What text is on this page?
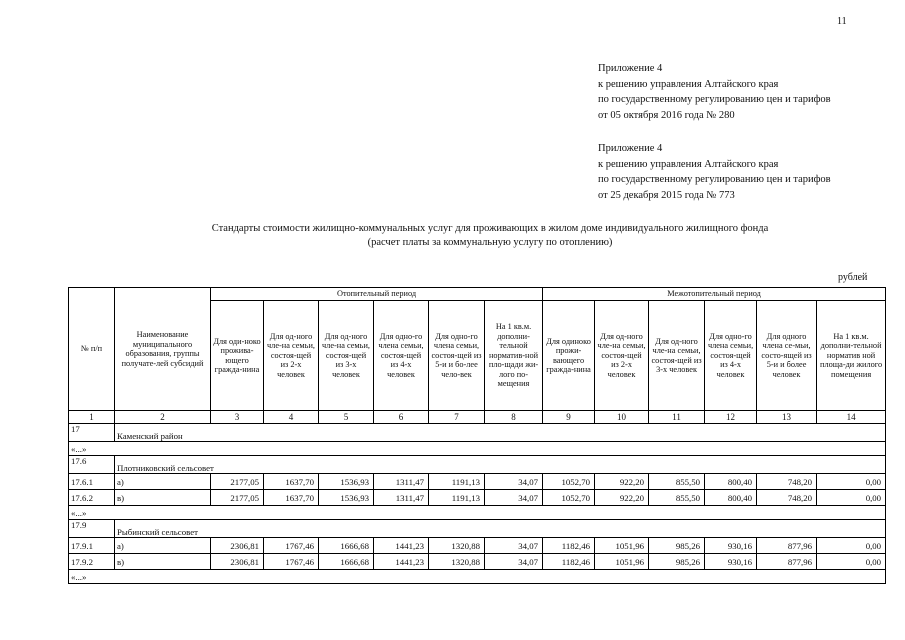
11
Приложение 4
к решению управления Алтайского края
по государственному регулированию цен и тарифов
от 05 октября 2016 года № 280
Приложение 4
к решению управления Алтайского края
по государственному регулированию цен и тарифов
от 25 декабря 2015 года № 773
Стандарты стоимости жилищно-коммунальных услуг для проживающих в жилом доме индивидуального жилищного фонда
(расчет платы за коммунальную услугу по отоплению)
рублей
№ п/п	Наименование муниципального образования, группы получате-лей субсидий	Отопительный период						Межотопительный период					
		Для оди-ноко прожива-ющего гражда-нина	Для од-ного чле-на семьи, состоя-щей из 2-х человек	Для од-ного чле-на семьи, состоя-щей из 3-х человек	Для одно-го члена семьи, состоя-щей из 4-х человек	Для одно-го члена семьи, состоя-щей из 5-и и бо-лее чело-век	На 1 кв.м. дополни-тельной норматив-ной пло-щади жи-лого по-мещения	Для одиноко прожи-вающего гражда-нина	Для од-ного чле-на семьи, состоя-щей из 2-х человек	Для од-ного чле-на семьи, состоя-щей из 3-х человек	Для одно-го члена семьи, состоя-щей из 4-х человек	Для одного члена се-мьи, состо-ящей из 5-и и более человек	На 1 кв.м. дополни-тельной норматив ной площа-ди жилого помещения
1	2	3	4	5	6	7	8	9	10	11	12	13	14
17	Каменский район												
«...»													
17.6	Плотниковский сельсовет												
17.6.1	а)	2177,05	1637,70	1536,93	1311,47	1191,13	34,07	1052,70	922,20	855,50	800,40	748,20	0,00
17.6.2	в)	2177,05	1637,70	1536,93	1311,47	1191,13	34,07	1052,70	922,20	855,50	800,40	748,20	0,00
«...»													
17.9	Рыбинский сельсовет												
17.9.1	а)	2306,81	1767,46	1666,68	1441,23	1320,88	34,07	1182,46	1051,96	985,26	930,16	877,96	0,00
17.9.2	в)	2306,81	1767,46	1666,68	1441,23	1320,88	34,07	1182,46	1051,96	985,26	930,16	877,96	0,00
«...»													
